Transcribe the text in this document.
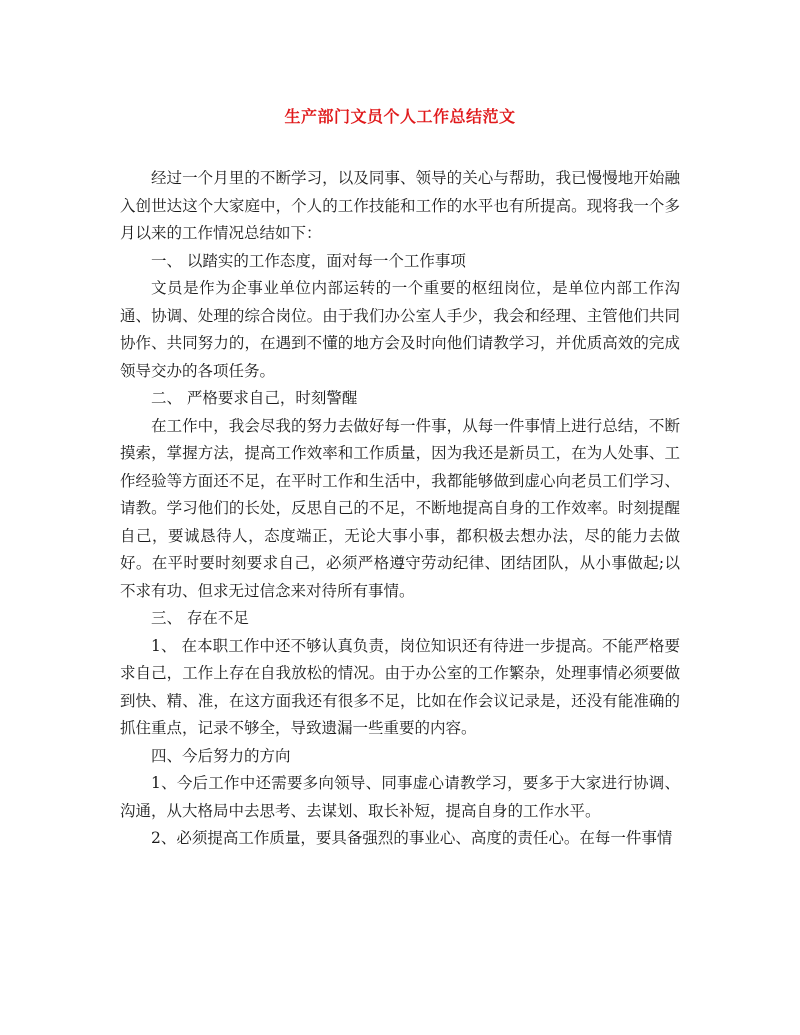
生产部门文员个人工作总结范文

经过一个月里的不断学习，以及同事、领导的关心与帮助，我已慢慢地开始融入创世达这个大家庭中，个人的工作技能和工作的水平也有所提高。现将我一个多月以来的工作情况总结如下：

一、 以踏实的工作态度，面对每一个工作事项

文员是作为企事业单位内部运转的一个重要的枢纽岗位，是单位内部工作沟通、协调、处理的综合岗位。由于我们办公室人手少，我会和经理、主管他们共同协作、共同努力的，在遇到不懂的地方会及时向他们请教学习，并优质高效的完成领导交办的各项任务。

二、 严格要求自己，时刻警醒

在工作中，我会尽我的努力去做好每一件事，从每一件事情上进行总结，不断摸索，掌握方法，提高工作效率和工作质量，因为我还是新员工，在为人处事、工作经验等方面还不足，在平时工作和生活中，我都能够做到虚心向老员工们学习、请教。学习他们的长处，反思自己的不足，不断地提高自身的工作效率。时刻提醒自己，要诚恳待人，态度端正，无论大事小事，都积极去想办法，尽的能力去做好。在平时要时刻要求自己，必须严格遵守劳动纪律、团结团队，从小事做起;以不求有功、但求无过信念来对待所有事情。

三、 存在不足

1、 在本职工作中还不够认真负责，岗位知识还有待进一步提高。不能严格要求自己，工作上存在自我放松的情况。由于办公室的工作繁杂，处理事情必须要做到快、精、准，在这方面我还有很多不足，比如在作会议记录是，还没有能准确的抓住重点，记录不够全，导致遗漏一些重要的内容。

四、今后努力的方向

1、今后工作中还需要多向领导、同事虚心请教学习，要多于大家进行协调、沟通，从大格局中去思考、去谋划、取长补短，提高自身的工作水平。

2、必须提高工作质量，要具备强烈的事业心、高度的责任心。在每一件事情
